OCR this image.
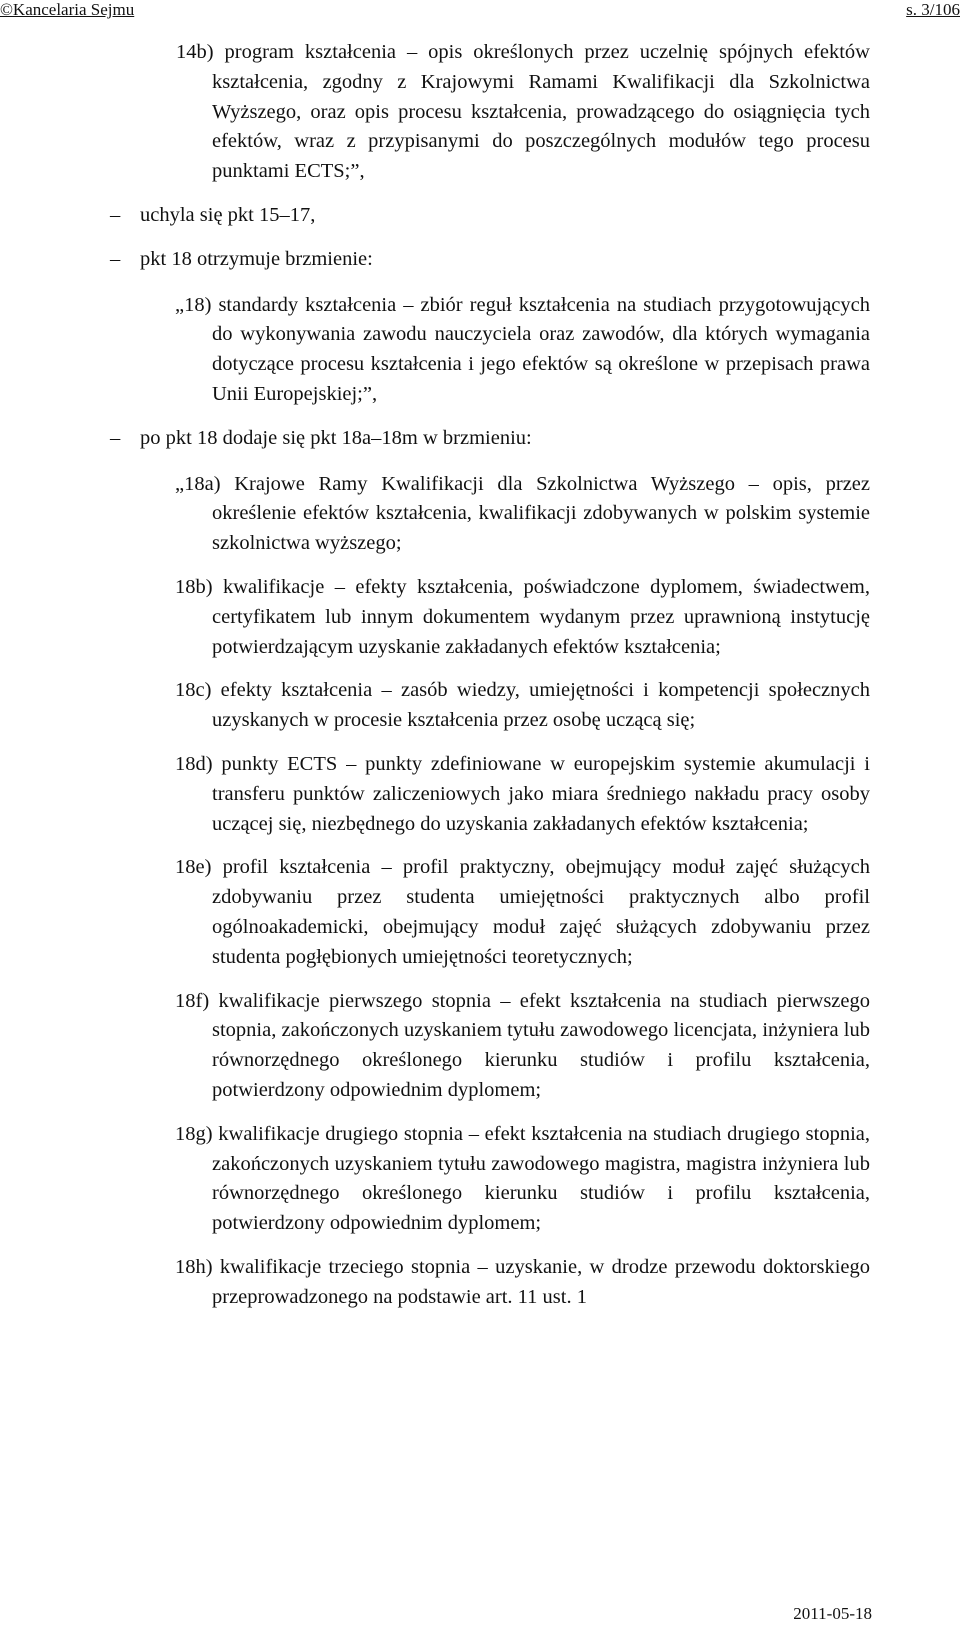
©Kancelaria Sejmu	s. 3/106
14b) program kształcenia – opis określonych przez uczelnię spójnych efektów kształcenia, zgodny z Krajowymi Ramami Kwalifikacji dla Szkolnictwa Wyższego, oraz opis procesu kształcenia, prowadzącego do osiągnięcia tych efektów, wraz z przypisanymi do poszczególnych modułów tego procesu punktami ECTS;”,
– uchyla się pkt 15–17,
– pkt 18 otrzymuje brzmienie:
„18) standardy kształcenia – zbiór reguł kształcenia na studiach przygotowujących do wykonywania zawodu nauczyciela oraz zawodów, dla których wymagania dotyczące procesu kształcenia i jego efektów są określone w przepisach prawa Unii Europejskiej;”,
– po pkt 18 dodaje się pkt 18a–18m w brzmieniu:
„18a) Krajowe Ramy Kwalifikacji dla Szkolnictwa Wyższego – opis, przez określenie efektów kształcenia, kwalifikacji zdobywanych w polskim systemie szkolnictwa wyższego;
18b) kwalifikacje – efekty kształcenia, poświadczone dyplomem, świadectwem, certyfikatem lub innym dokumentem wydanym przez uprawnioną instytucję potwierdzającym uzyskanie zakładanych efektów kształcenia;
18c) efekty kształcenia – zasób wiedzy, umiejętności i kompetencji społecznych uzyskanych w procesie kształcenia przez osobę uczącą się;
18d) punkty ECTS – punkty zdefiniowane w europejskim systemie akumulacji i transferu punktów zaliczeniowych jako miara średniego nakładu pracy osoby uczącej się, niezbędnego do uzyskania zakładanych efektów kształcenia;
18e) profil kształcenia – profil praktyczny, obejmujący moduł zajęć służących zdobywaniu przez studenta umiejętności praktycznych albo profil ogólnoakademicki, obejmujący moduł zajęć służących zdobywaniu przez studenta pogłębionych umiejętności teoretycznych;
18f) kwalifikacje pierwszego stopnia – efekt kształcenia na studiach pierwszego stopnia, zakończonych uzyskaniem tytułu zawodowego licencjata, inżyniera lub równorzędnego określonego kierunku studiów i profilu kształcenia, potwierdzony odpowiednim dyplomem;
18g) kwalifikacje drugiego stopnia – efekt kształcenia na studiach drugiego stopnia, zakończonych uzyskaniem tytułu zawodowego magistra, magistra inżyniera lub równorzędnego określonego kierunku studiów i profilu kształcenia, potwierdzony odpowiednim dyplomem;
18h) kwalifikacje trzeciego stopnia – uzyskanie, w drodze przewodu doktorskiego przeprowadzonego na podstawie art. 11 ust. 1
2011-05-18
